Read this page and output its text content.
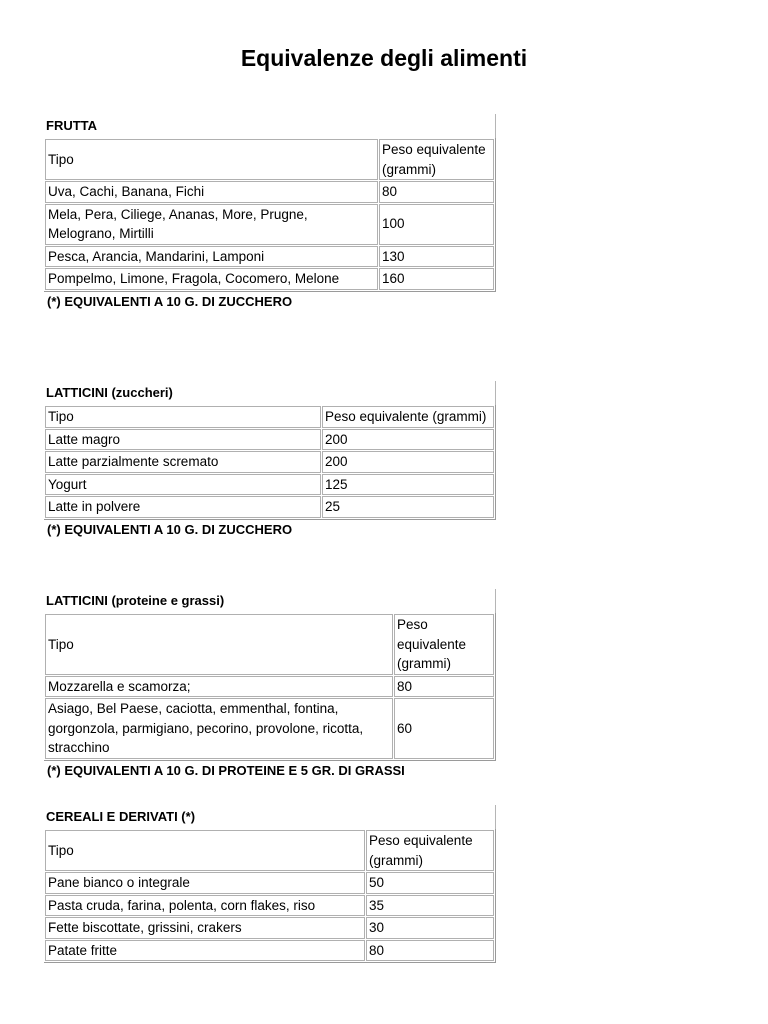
Equivalenze degli alimenti
FRUTTA
Tipo	Peso equivalente (grammi)
Uva, Cachi, Banana, Fichi	80
Mela, Pera, Ciliege, Ananas, More, Prugne, Melograno, Mirtilli	100
Pesca, Arancia, Mandarini, Lamponi	130
Pompelmo, Limone, Fragola, Cocomero, Melone	160
(*) EQUIVALENTI A 10 G. DI ZUCCHERO
LATTICINI (zuccheri)
Tipo	Peso equivalente (grammi)
Latte magro	200
Latte parzialmente scremato	200
Yogurt	125
Latte in polvere	25
(*) EQUIVALENTI A 10 G. DI ZUCCHERO
LATTICINI (proteine e grassi)
Tipo	Peso equivalente (grammi)
Mozzarella e scamorza;	80
Asiago, Bel Paese, caciotta, emmenthal, fontina, gorgonzola, parmigiano, pecorino, provolone, ricotta, stracchino	60
(*) EQUIVALENTI A 10 G. DI PROTEINE E 5 GR. DI GRASSI
CEREALI E DERIVATI (*)
Tipo	Peso equivalente (grammi)
Pane bianco o integrale	50
Pasta cruda, farina, polenta, corn flakes, riso	35
Fette biscottate, grissini, crakers	30
Patate fritte	80
